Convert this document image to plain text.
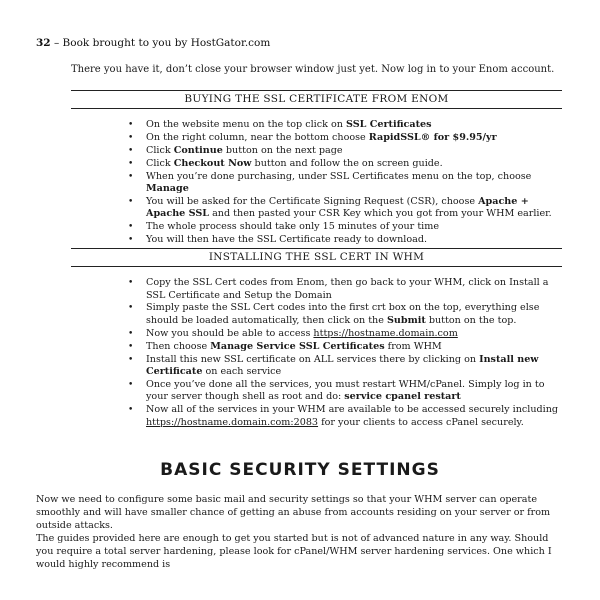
32 – Book brought to you by HostGator.com
There you have it, don’t close your browser window just yet. Now log in to your Enom account.
BUYING THE SSL CERTIFICATE FROM ENOM
• On the website menu on the top click on SSL Certificates
• On the right column, near the bottom choose RapidSSL® for $9.95/yr
• Click Continue button on the next page
• Click Checkout Now button and follow the on screen guide.
• When you’re done purchasing, under SSL Certificates menu on the top, choose Manage
• You will be asked for the Certificate Signing Request (CSR), choose Apache + Apache SSL and then pasted your CSR Key which you got from your WHM earlier.
• The whole process should take only 15 minutes of your time
• You will then have the SSL Certificate ready to download.
INSTALLING THE SSL CERT IN WHM
• Copy the SSL Cert codes from Enom, then go back to your WHM, click on Install a SSL Certificate and Setup the Domain
• Simply paste the SSL Cert codes into the first crt box on the top, everything else should be loaded automatically, then click on the Submit button on the top.
• Now you should be able to access https://hostname.domain.com
• Then choose Manage Service SSL Certificates from WHM
• Install this new SSL certificate on ALL services there by clicking on Install new Certificate on each service
• Once you’ve done all the services, you must restart WHM/cPanel. Simply log in to your server though shell as root and do: service cpanel restart
• Now all of the services in your WHM are available to be accessed securely including https://hostname.domain.com:2083 for your clients to access cPanel securely.
BASIC SECURITY SETTINGS
Now we need to configure some basic mail and security settings so that your WHM server can operate smoothly and will have smaller chance of getting an abuse from accounts residing on your server or from outside attacks.
The guides provided here are enough to get you started but is not of advanced nature in any way. Should you require a total server hardening, please look for cPanel/WHM server hardening services. One which I would highly recommend is
